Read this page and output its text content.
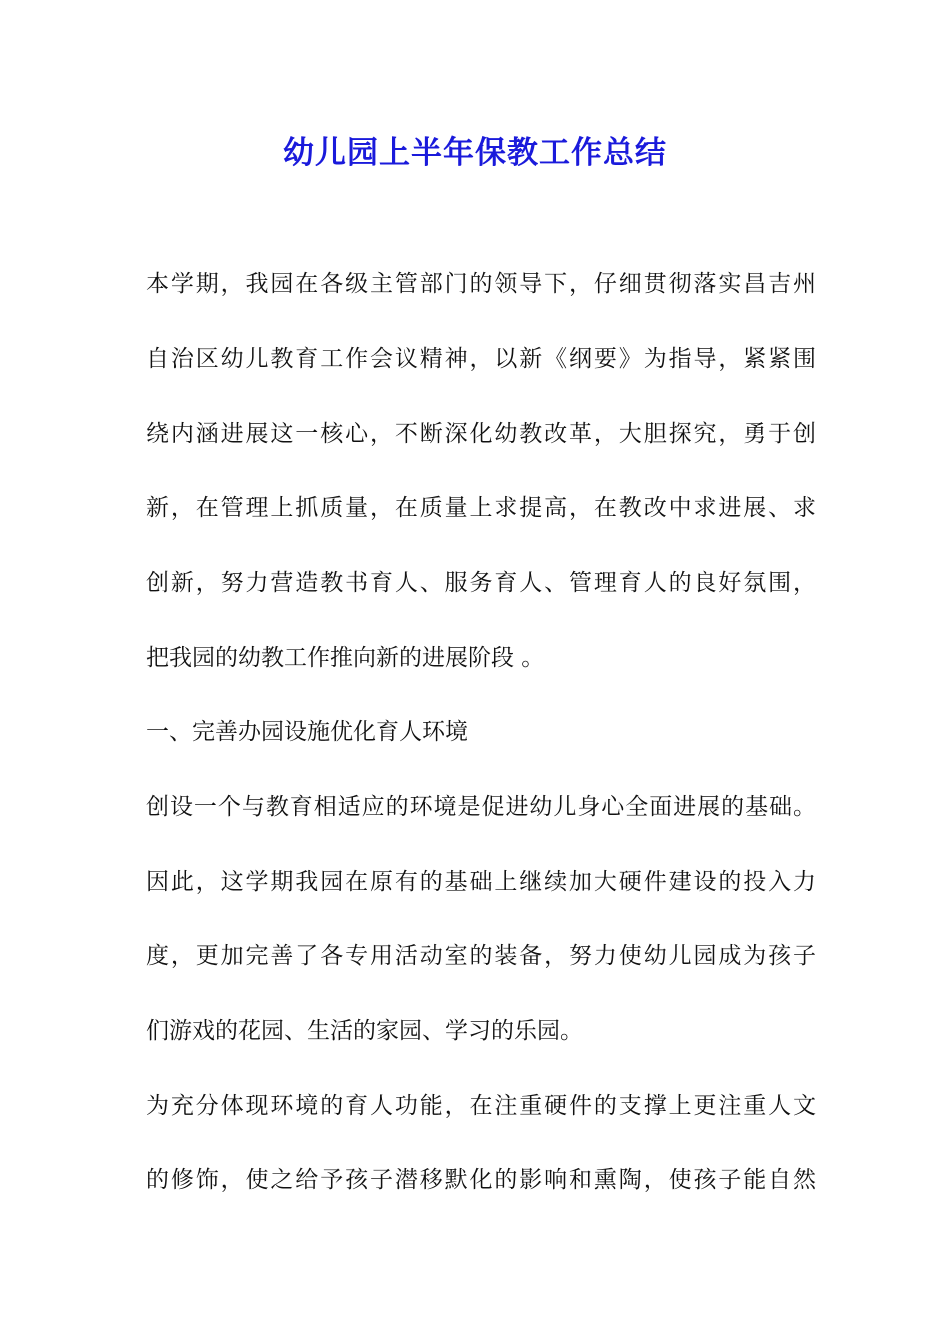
幼儿园上半年保教工作总结
本学期，我园在各级主管部门的领导下，仔细贯彻落实昌吉州
自治区幼儿教育工作会议精神，以新《纲要》为指导，紧紧围
绕内涵进展这一核心，不断深化幼教改革，大胆探究，勇于创
新，在管理上抓质量，在质量上求提高，在教改中求进展、求
创新，努力营造教书育人、服务育人、管理育人的良好氛围，
把我园的幼教工作推向新的进展阶段 。
一、完善办园设施优化育人环境
创设一个与教育相适应的环境是促进幼儿身心全面进展的基础。
因此，这学期我园在原有的基础上继续加大硬件建设的投入力
度，更加完善了各专用活动室的装备，努力使幼儿园成为孩子
们游戏的花园、生活的家园、学习的乐园。
为充分体现环境的育人功能，在注重硬件的支撑上更注重人文
的修饰，使之给予孩子潜移默化的影响和熏陶，使孩子能自然
